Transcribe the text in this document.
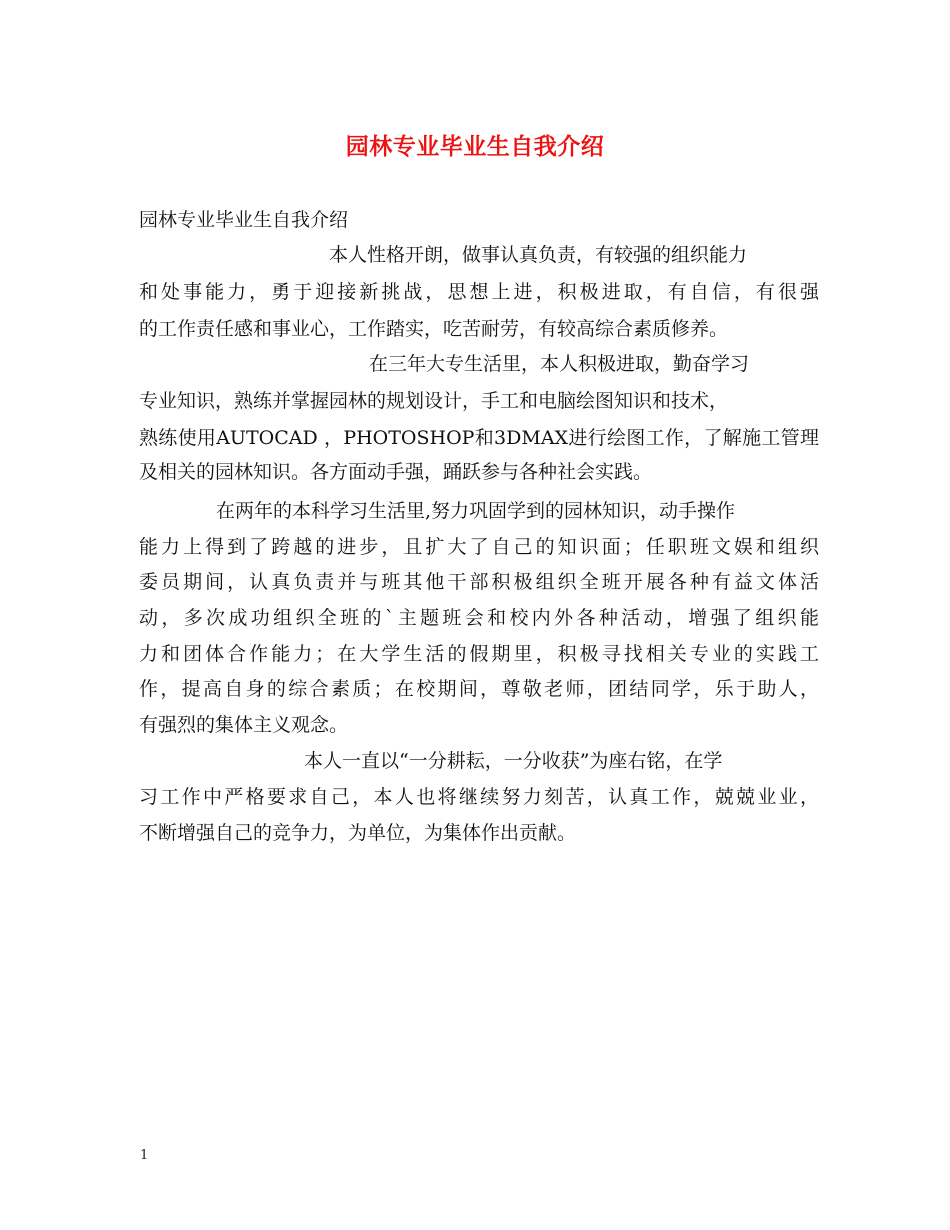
园林专业毕业生自我介绍

园林专业毕业生自我介绍

本人性格开朗，做事认真负责，有较强的组织能力

和处事能力，勇于迎接新挑战，思想上进，积极进取，有自信，有很强

的工作责任感和事业心，工作踏实，吃苦耐劳，有较高综合素质修养。

在三年大专生活里，本人积极进取，勤奋学习

专业知识，熟练并掌握园林的规划设计，手工和电脑绘图知识和技术，

熟练使用AUTOCAD ，PHOTOSHOP和3DMAX进行绘图工作，了解施工管理

及相关的园林知识。各方面动手强，踊跃参与各种社会实践。

在两年的本科学习生活里,努力巩固学到的园林知识，动手操作

能力上得到了跨越的进步，且扩大了自己的知识面；任职班文娱和组织

委员期间，认真负责并与班其他干部积极组织全班开展各种有益文体活

动，多次成功组织全班的`主题班会和校内外各种活动，增强了组织能

力和团体合作能力；在大学生活的假期里，积极寻找相关专业的实践工

作，提高自身的综合素质；在校期间，尊敬老师，团结同学，乐于助人，

有强烈的集体主义观念。

本人一直以“一分耕耘，一分收获”为座右铭，在学

习工作中严格要求自己，本人也将继续努力刻苦，认真工作，兢兢业业，

不断增强自己的竞争力，为单位，为集体作出贡献。

1
